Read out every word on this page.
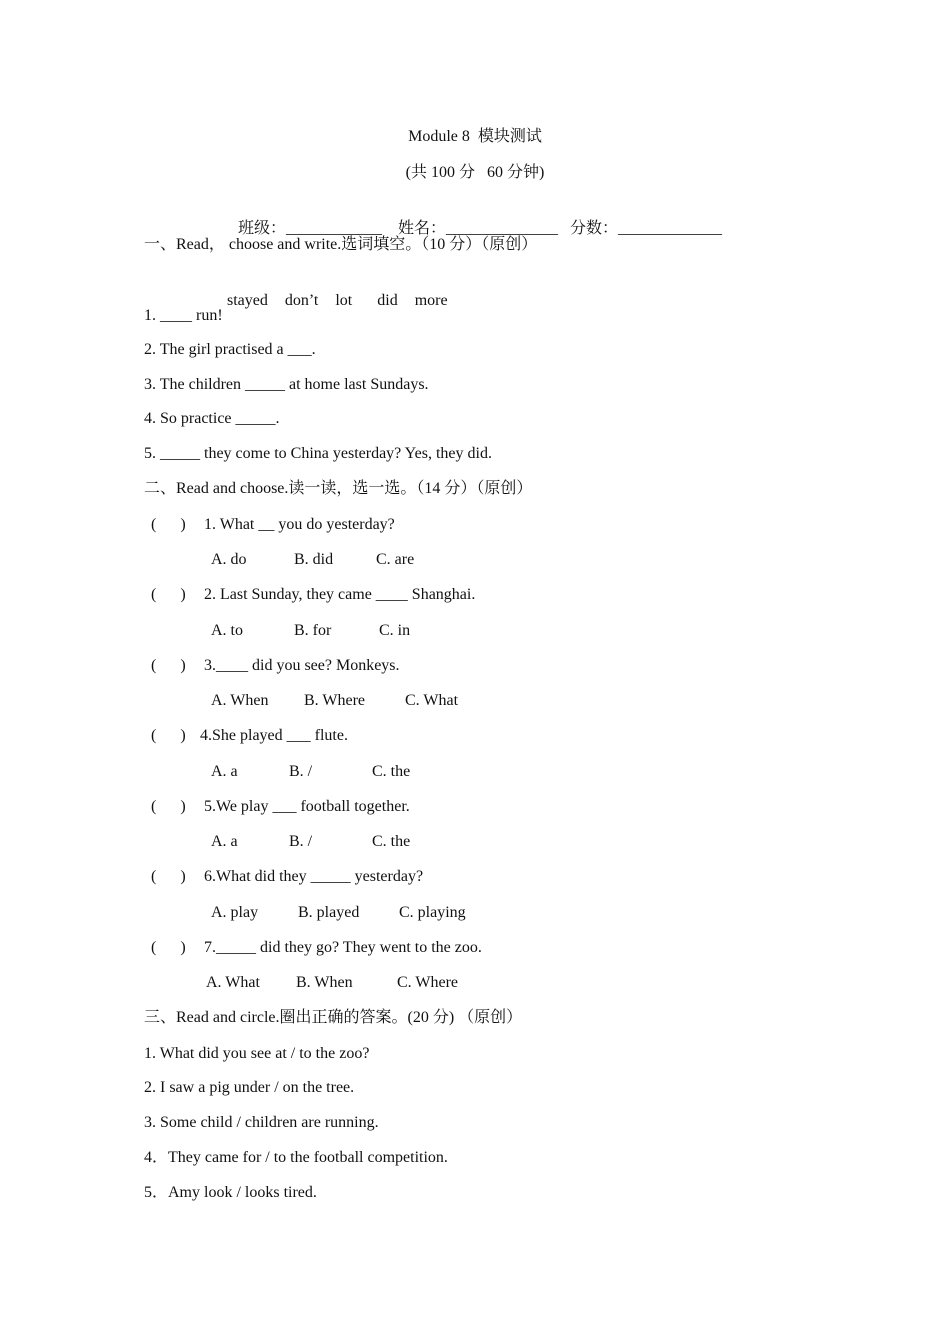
Module 8  模块测试
(共 100 分   60 分钟)

班级：____________ 姓名：______________ 分数：_____________

一、Read， choose and write.选词填空。（10 分）（原创）

stayed don’t lot did more

1. ____ run!
2. The girl practised a ___.
3. The children _____ at home last Sundays.
4. So practice _____.
5. _____ they come to China yesterday? Yes, they did.
二、Read and choose.读一读，选一选。（14 分）（原创）
(      ) 1. What __ you do yesterday?
A. do	B. did	C. are
(      ) 2. Last Sunday, they came ____ Shanghai.
A. to	B. for	C. in
(      ) 3.____ did you see? Monkeys.
A. When B. Where C. What
(      ) 4.She played ___ flute.
A. a	B. /	C. the
(      ) 5.We play ___ football together.
A. a	B. /	C. the
(      ) 6.What did they _____ yesterday?
A. play B. played C. playing
(      ) 7._____ did they go? They went to the zoo.
A. What B. When	C. Where
三、Read and circle.圈出正确的答案。(20 分) （原创）
1. What did you see at / to the zoo?
2. I saw a pig under / on the tree.
3. Some child / children are running.
4．They came for / to the football competition.
5．Amy look / looks tired.
